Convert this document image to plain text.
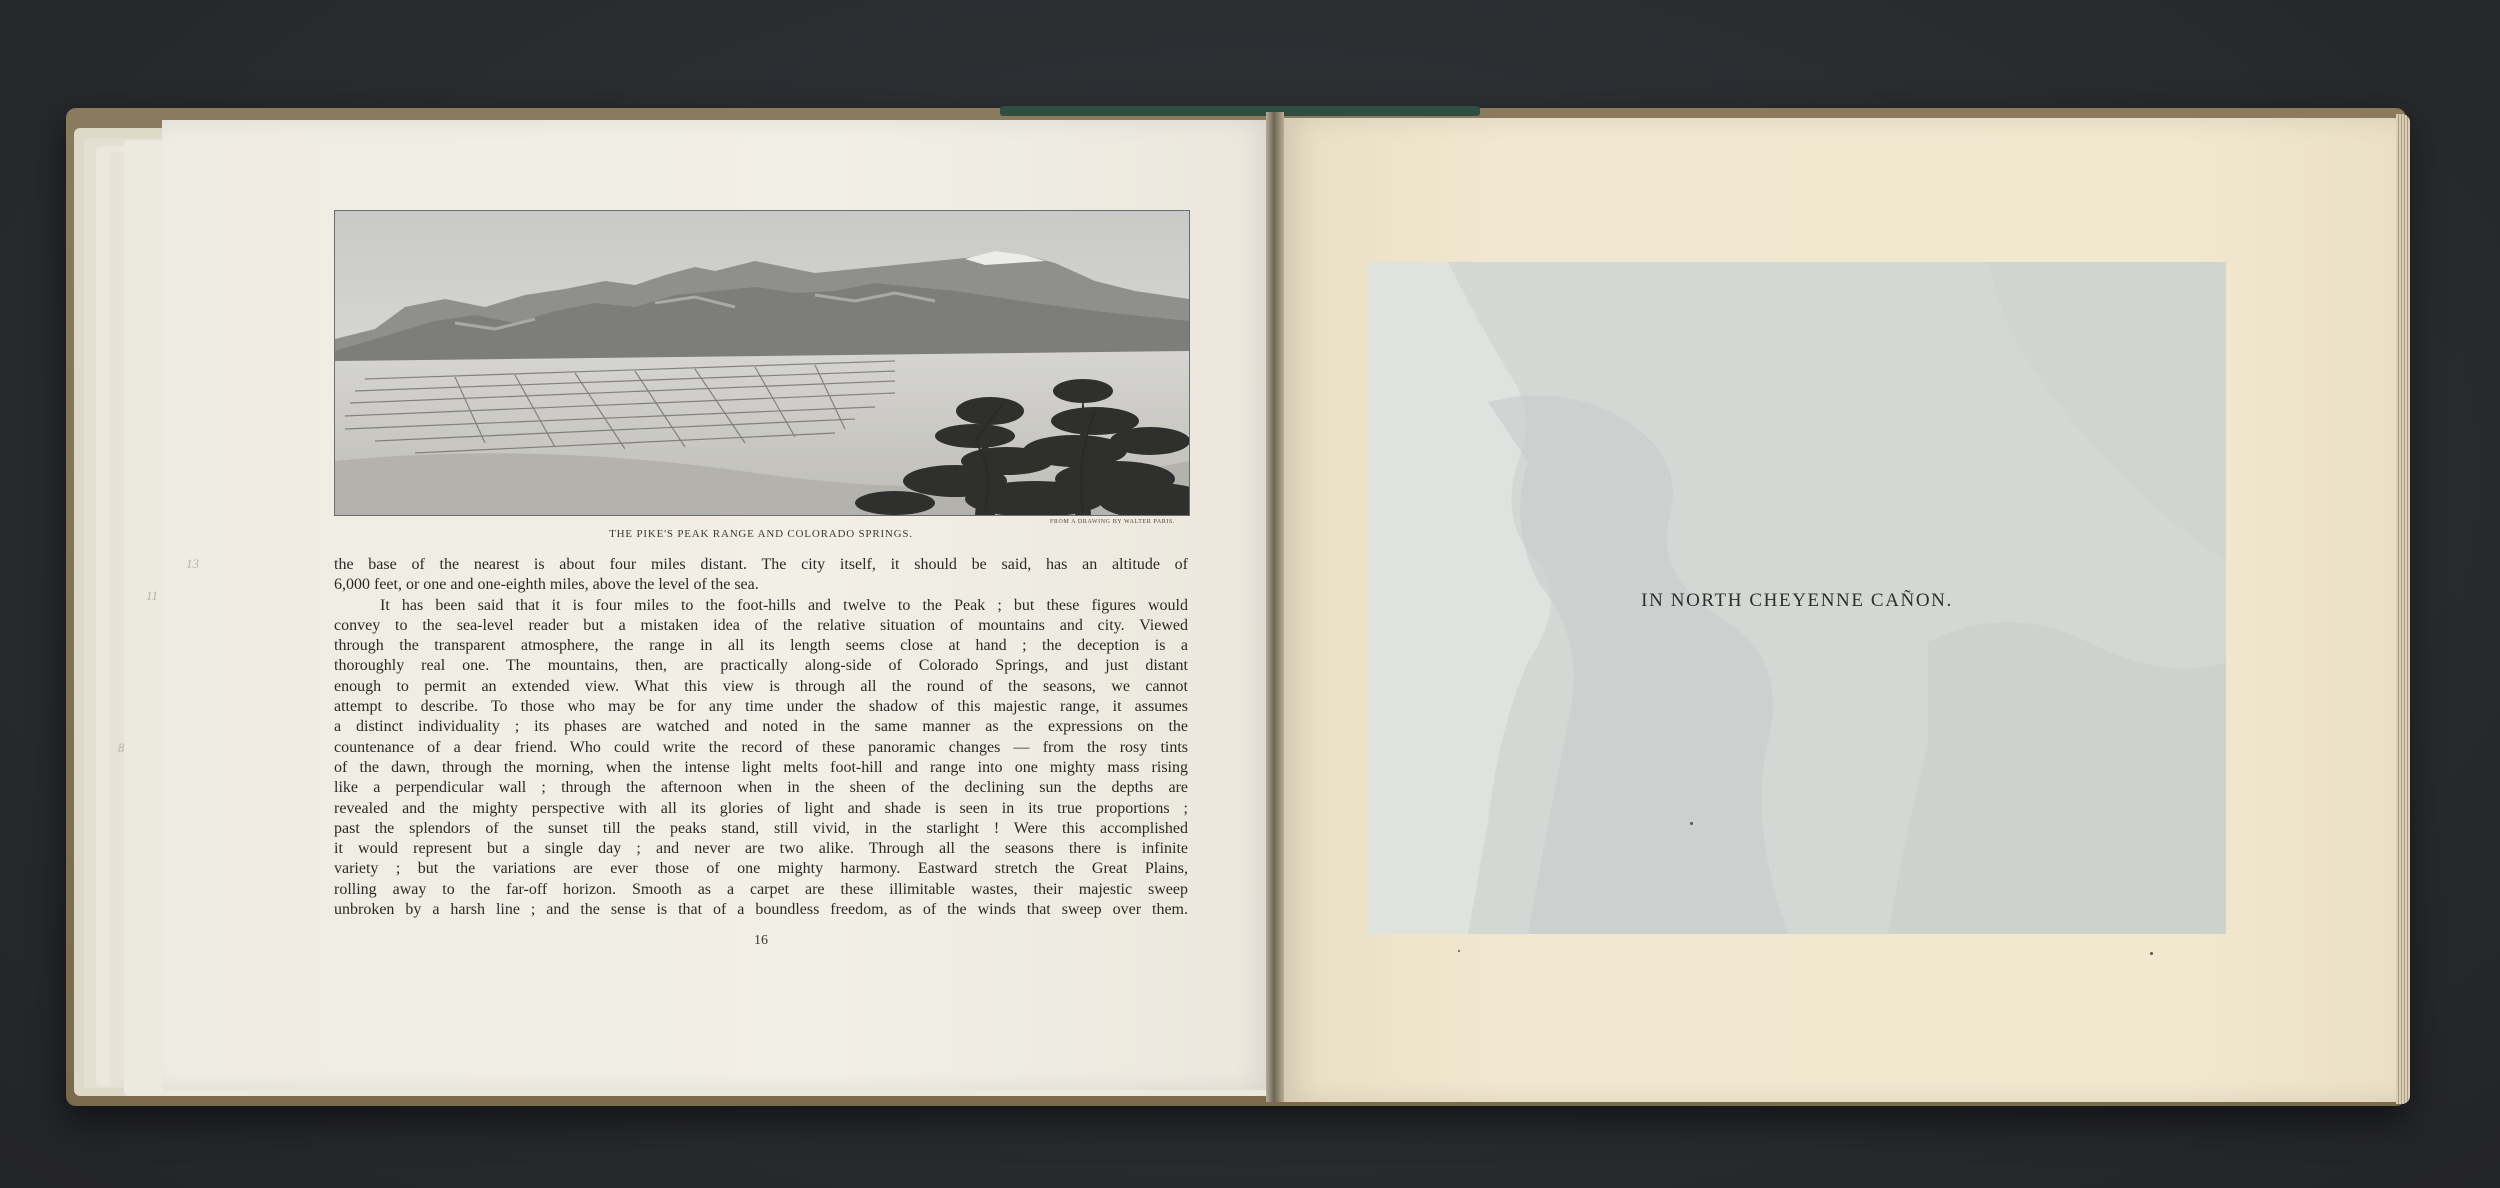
13
11
8
THE PIKE'S PEAK RANGE AND COLORADO SPRINGS.
FROM A DRAWING BY WALTER PARIS.
the base of the nearest is about four miles distant. The city itself, it should be said, has an altitude of
6,000 feet, or one and one-eighth miles, above the level of the sea.
It has been said that it is four miles to the foot-hills and twelve to the Peak ; but these figures would
convey to the sea-level reader but a mistaken idea of the relative situation of mountains and city. Viewed
through the transparent atmosphere, the range in all its length seems close at hand ; the deception is a
thoroughly real one. The mountains, then, are practically along-side of Colorado Springs, and just distant
enough to permit an extended view. What this view is through all the round of the seasons, we cannot
attempt to describe. To those who may be for any time under the shadow of this majestic range, it assumes
a distinct individuality ; its phases are watched and noted in the same manner as the expressions on the
countenance of a dear friend. Who could write the record of these panoramic changes — from the rosy tints
of the dawn, through the morning, when the intense light melts foot-hill and range into one mighty mass rising
like a perpendicular wall ; through the afternoon when in the sheen of the declining sun the depths are
revealed and the mighty perspective with all its glories of light and shade is seen in its true proportions ;
past the splendors of the sunset till the peaks stand, still vivid, in the starlight ! Were this accomplished
it would represent but a single day ; and never are two alike. Through all the seasons there is infinite
variety ; but the variations are ever those of one mighty harmony. Eastward stretch the Great Plains,
rolling away to the far-off horizon. Smooth as a carpet are these illimitable wastes, their majestic sweep
unbroken by a harsh line ; and the sense is that of a boundless freedom, as of the winds that sweep over them.
16
IN NORTH CHEYENNE CAÑON.
